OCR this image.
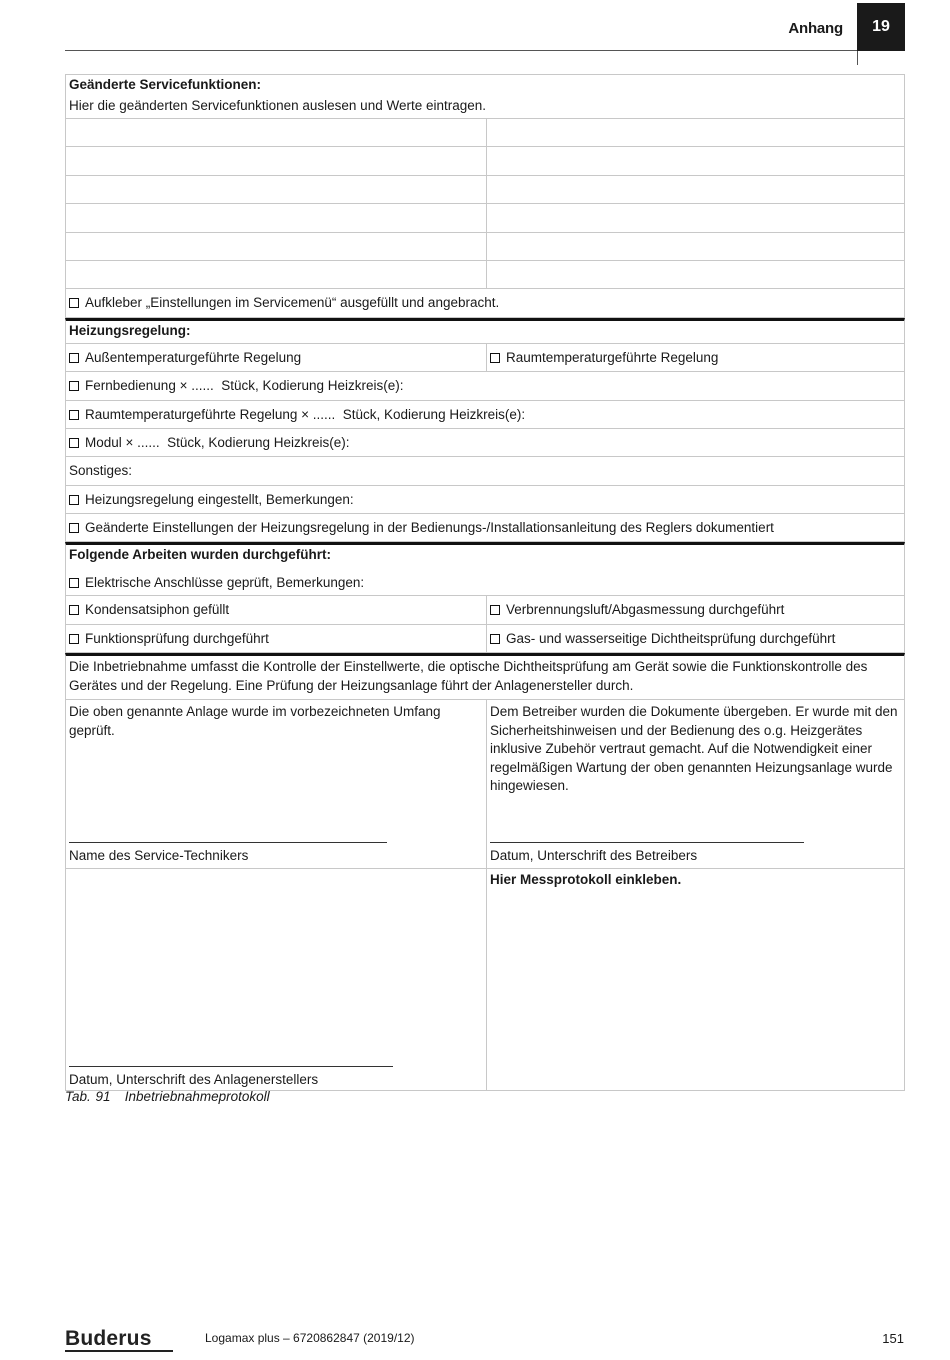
Anhang	19
Geänderte Servicefunktionen:
Hier die geänderten Servicefunktionen auslesen und Werte eintragen.
Aufkleber „Einstellungen im Servicemenü“ ausgefüllt und angebracht.
Heizungsregelung:
Außentemperaturgeführte Regelung	Raumtemperaturgeführte Regelung
Fernbedienung × ......  Stück, Kodierung Heizkreis(e):
Raumtemperaturgeführte Regelung × ......  Stück, Kodierung Heizkreis(e):
Modul × ......  Stück, Kodierung Heizkreis(e):
Sonstiges:
Heizungsregelung eingestellt, Bemerkungen:
Geänderte Einstellungen der Heizungsregelung in der Bedienungs-/Installationsanleitung des Reglers dokumentiert
Folgende Arbeiten wurden durchgeführt:
Elektrische Anschlüsse geprüft, Bemerkungen:
Kondensatsiphon gefüllt	Verbrennungsluft/Abgasmessung durchgeführt
Funktionsprüfung durchgeführt	Gas- und wasserseitige Dichtheitsprüfung durchgeführt
Die Inbetriebnahme umfasst die Kontrolle der Einstellwerte, die optische Dichtheitsprüfung am Gerät sowie die Funktionskontrolle des Gerätes und der Regelung. Eine Prüfung der Heizungsanlage führt der Anlagenersteller durch.
Die oben genannte Anlage wurde im vorbezeichneten Umfang geprüft.
Name des Service-Technikers
Dem Betreiber wurden die Dokumente übergeben. Er wurde mit den Sicherheitshinweisen und der Bedienung des o.g. Heizgerätes inklusive Zubehör vertraut gemacht. Auf die Notwendigkeit einer regelmäßigen Wartung der oben genannten Heizungsanlage wurde hingewiesen.
Datum, Unterschrift des Betreibers
Datum, Unterschrift des Anlagenerstellers
Hier Messprotokoll einkleben.
Tab. 91   Inbetriebnahmeprotokoll
Buderus	Logamax plus – 6720862847 (2019/12)	151
